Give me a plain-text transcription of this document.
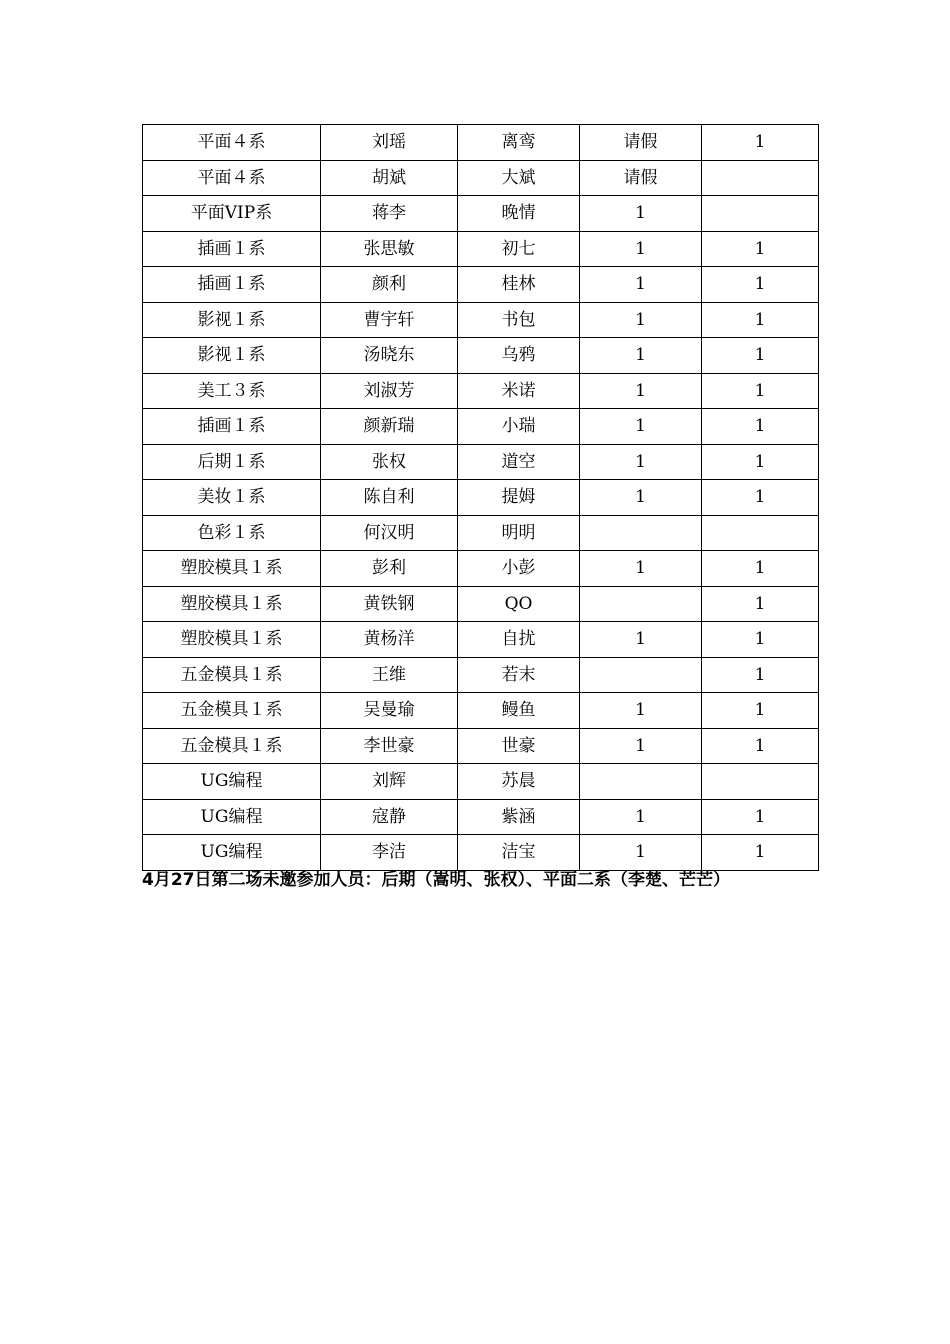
平面４系	刘瑶	离鸾	请假	1
平面４系	胡斌	大斌	请假	
平面VIP系	蒋李	晚情	1	
插画１系	张思敏	初七	1	1
插画１系	颜利	桂林	1	1
影视１系	曹宇轩	书包	1	1
影视１系	汤晓东	乌鸦	1	1
美工３系	刘淑芳	米诺	1	1
插画１系	颜新瑞	小瑞	1	1
后期１系	张权	道空	1	1
美妆１系	陈自利	提姆	1	1
色彩１系	何汉明	明明		
塑胶模具１系	彭利	小彭	1	1
塑胶模具１系	黄铁钢	QO		1
塑胶模具１系	黄杨洋	自扰	1	1
五金模具１系	王维	若末		1
五金模具１系	吴曼瑜	鳗鱼	1	1
五金模具１系	李世豪	世豪	1	1
UG编程	刘辉	苏晨		
UG编程	寇静	紫涵	1	1
UG编程	李洁	洁宝	1	1

4月27日第二场未邀参加人员：后期（嵩明、张权）、平面二系（李楚、芒芒）
